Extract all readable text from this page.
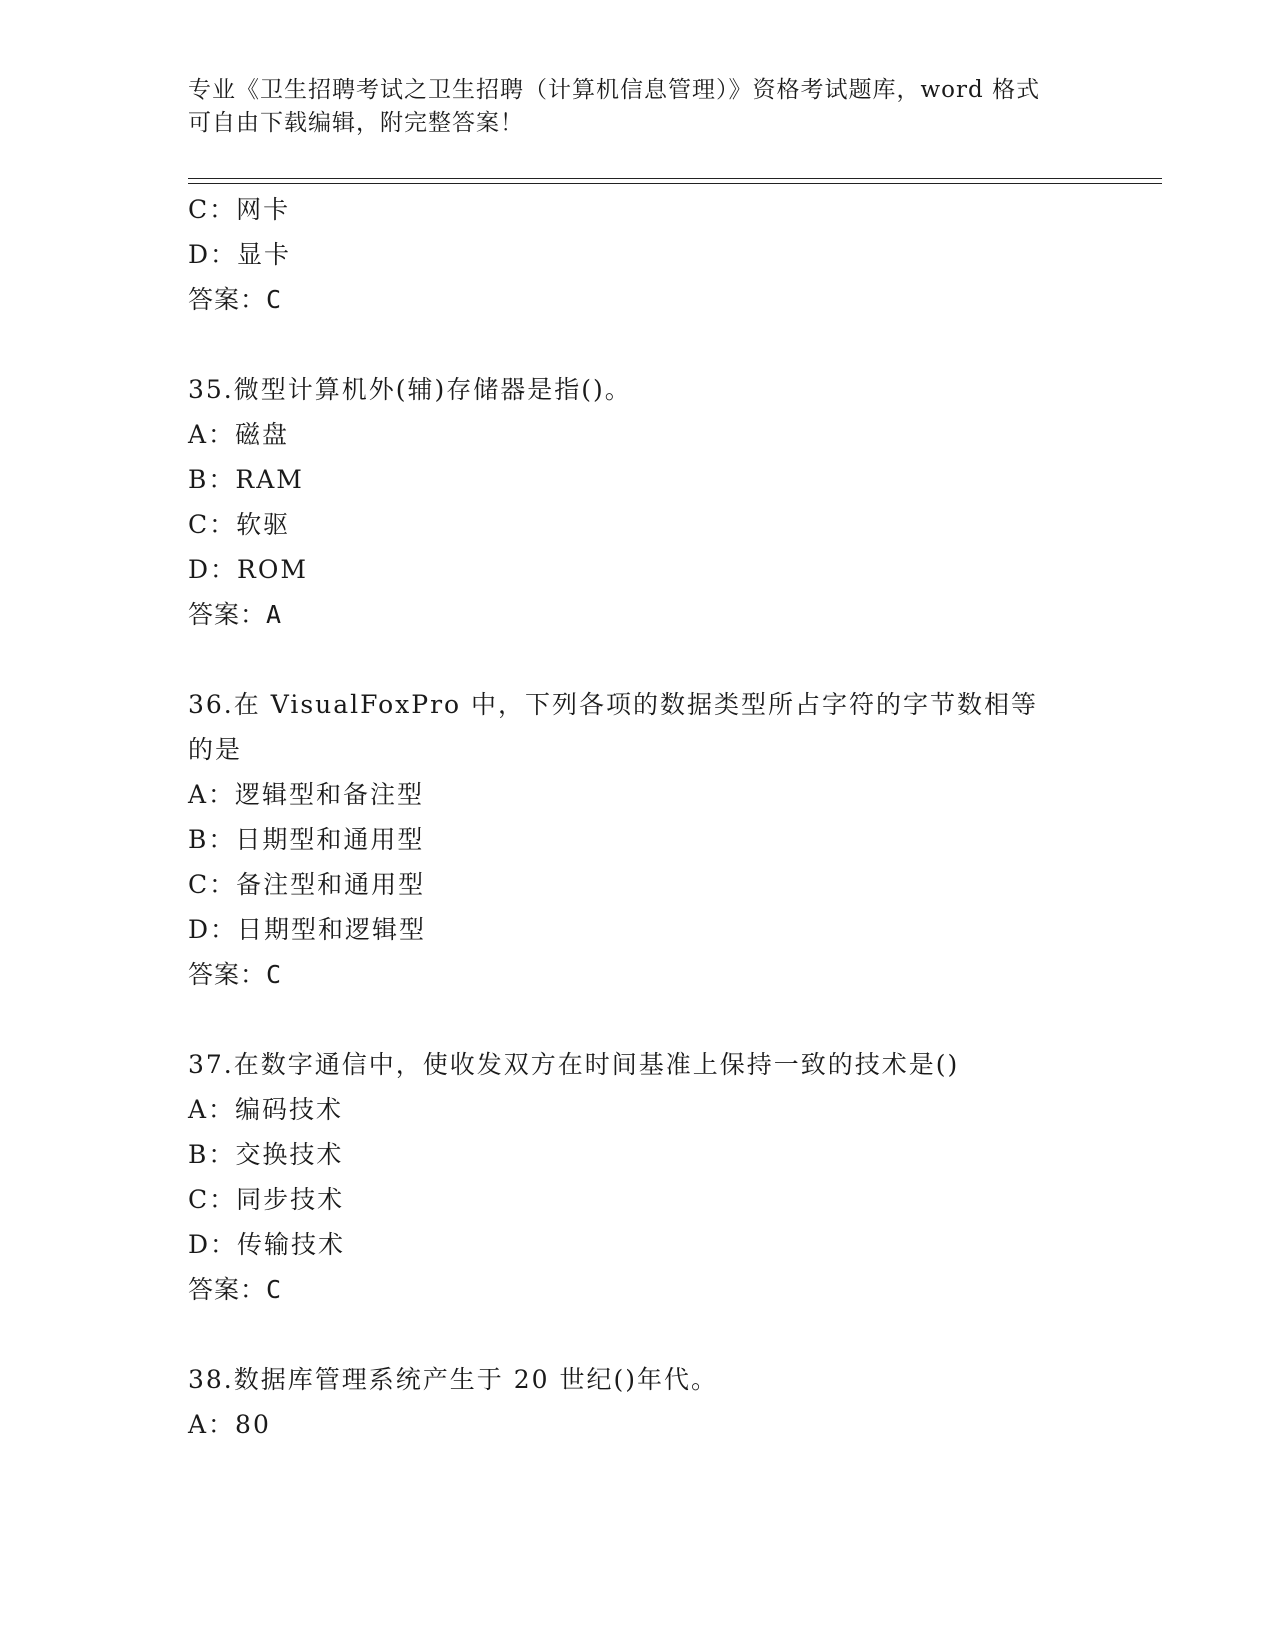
专业《卫生招聘考试之卫生招聘（计算机信息管理）》资格考试题库，word 格式
可自由下载编辑，附完整答案！
C：网卡
D：显卡
答案：C
35.微型计算机外(辅)存储器是指()。
A：磁盘
B：RAM
C：软驱
D：ROM
答案：A
36.在 VisualFoxPro 中，下列各项的数据类型所占字符的字节数相等
的是
A：逻辑型和备注型
B：日期型和通用型
C：备注型和通用型
D：日期型和逻辑型
答案：C
37.在数字通信中，使收发双方在时间基准上保持一致的技术是()
A：编码技术
B：交换技术
C：同步技术
D：传输技术
答案：C
38.数据库管理系统产生于 20 世纪()年代。
A：80
